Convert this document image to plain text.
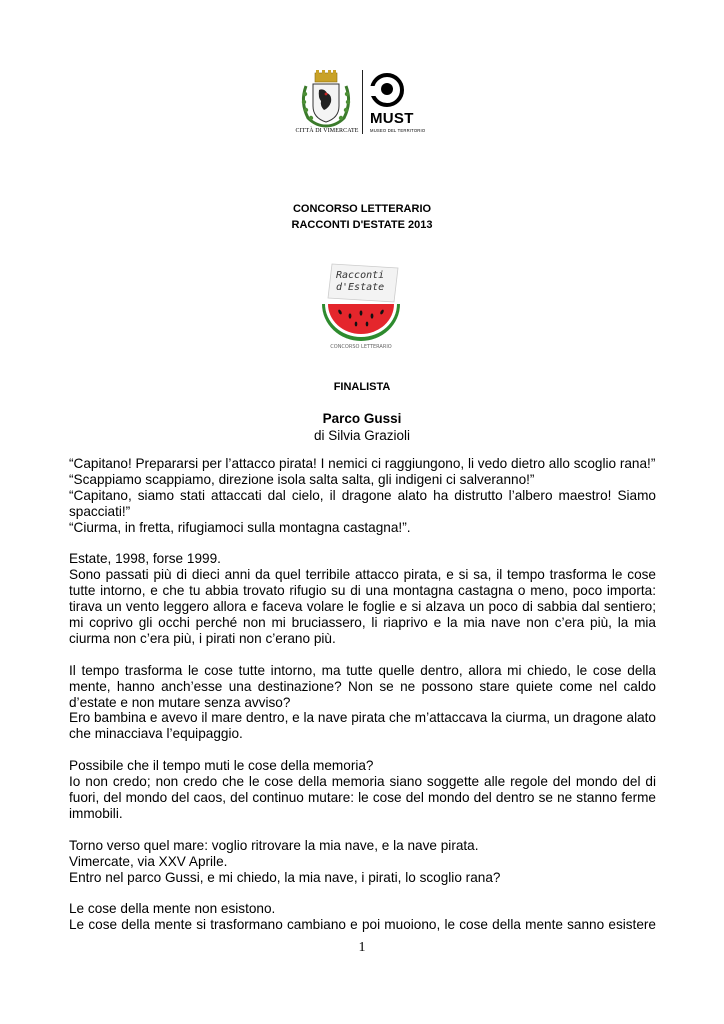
CITTÀ DI VIMERCATE
MUST
MUSEO DEL TERRITORIO
CONCORSO LETTERARIO
RACCONTI D'ESTATE 2013
Racconti
d'Estate
CONCORSO LETTERARIO
FINALISTA
Parco Gussi
di Silvia Grazioli

“Capitano! Prepararsi per l’attacco pirata! I nemici ci raggiungono, li vedo dietro allo scoglio rana!”
“Scappiamo scappiamo, direzione isola salta salta, gli indigeni ci salveranno!”
“Capitano, siamo stati attaccati dal cielo, il dragone alato ha distrutto l’albero maestro! Siamo spacciati!”
“Ciurma, in fretta, rifugiamoci sulla montagna castagna!”.

Estate, 1998, forse 1999.
Sono passati più di dieci anni da quel terribile attacco pirata, e si sa, il tempo trasforma le cose tutte intorno, e che tu abbia trovato rifugio su di una montagna castagna o meno, poco importa: tirava un vento leggero allora e faceva volare le foglie e si alzava un poco di sabbia dal sentiero; mi coprivo gli occhi perché non mi bruciassero, li riaprivo e la mia nave non c’era più, la mia ciurma non c’era più, i pirati non c’erano più.

Il tempo trasforma le cose tutte intorno, ma tutte quelle dentro, allora mi chiedo, le cose della mente, hanno anch’esse una destinazione? Non se ne possono stare quiete come nel caldo d’estate e non mutare senza avviso?
Ero bambina e avevo il mare dentro, e la nave pirata che m’attaccava la ciurma, un dragone alato che minacciava l’equipaggio.

Possibile che il tempo muti le cose della memoria?
Io non credo; non credo che le cose della memoria siano soggette alle regole del mondo del di fuori, del mondo del caos, del continuo mutare: le cose del mondo del dentro se ne stanno ferme immobili.

Torno verso quel mare: voglio ritrovare la mia nave, e la nave pirata.
Vimercate, via XXV Aprile.
Entro nel parco Gussi, e mi chiedo, la mia nave, i pirati, lo scoglio rana?

Le cose della mente non esistono.
Le cose della mente si trasformano cambiano e poi muoiono, le cose della mente sanno esistere

1
